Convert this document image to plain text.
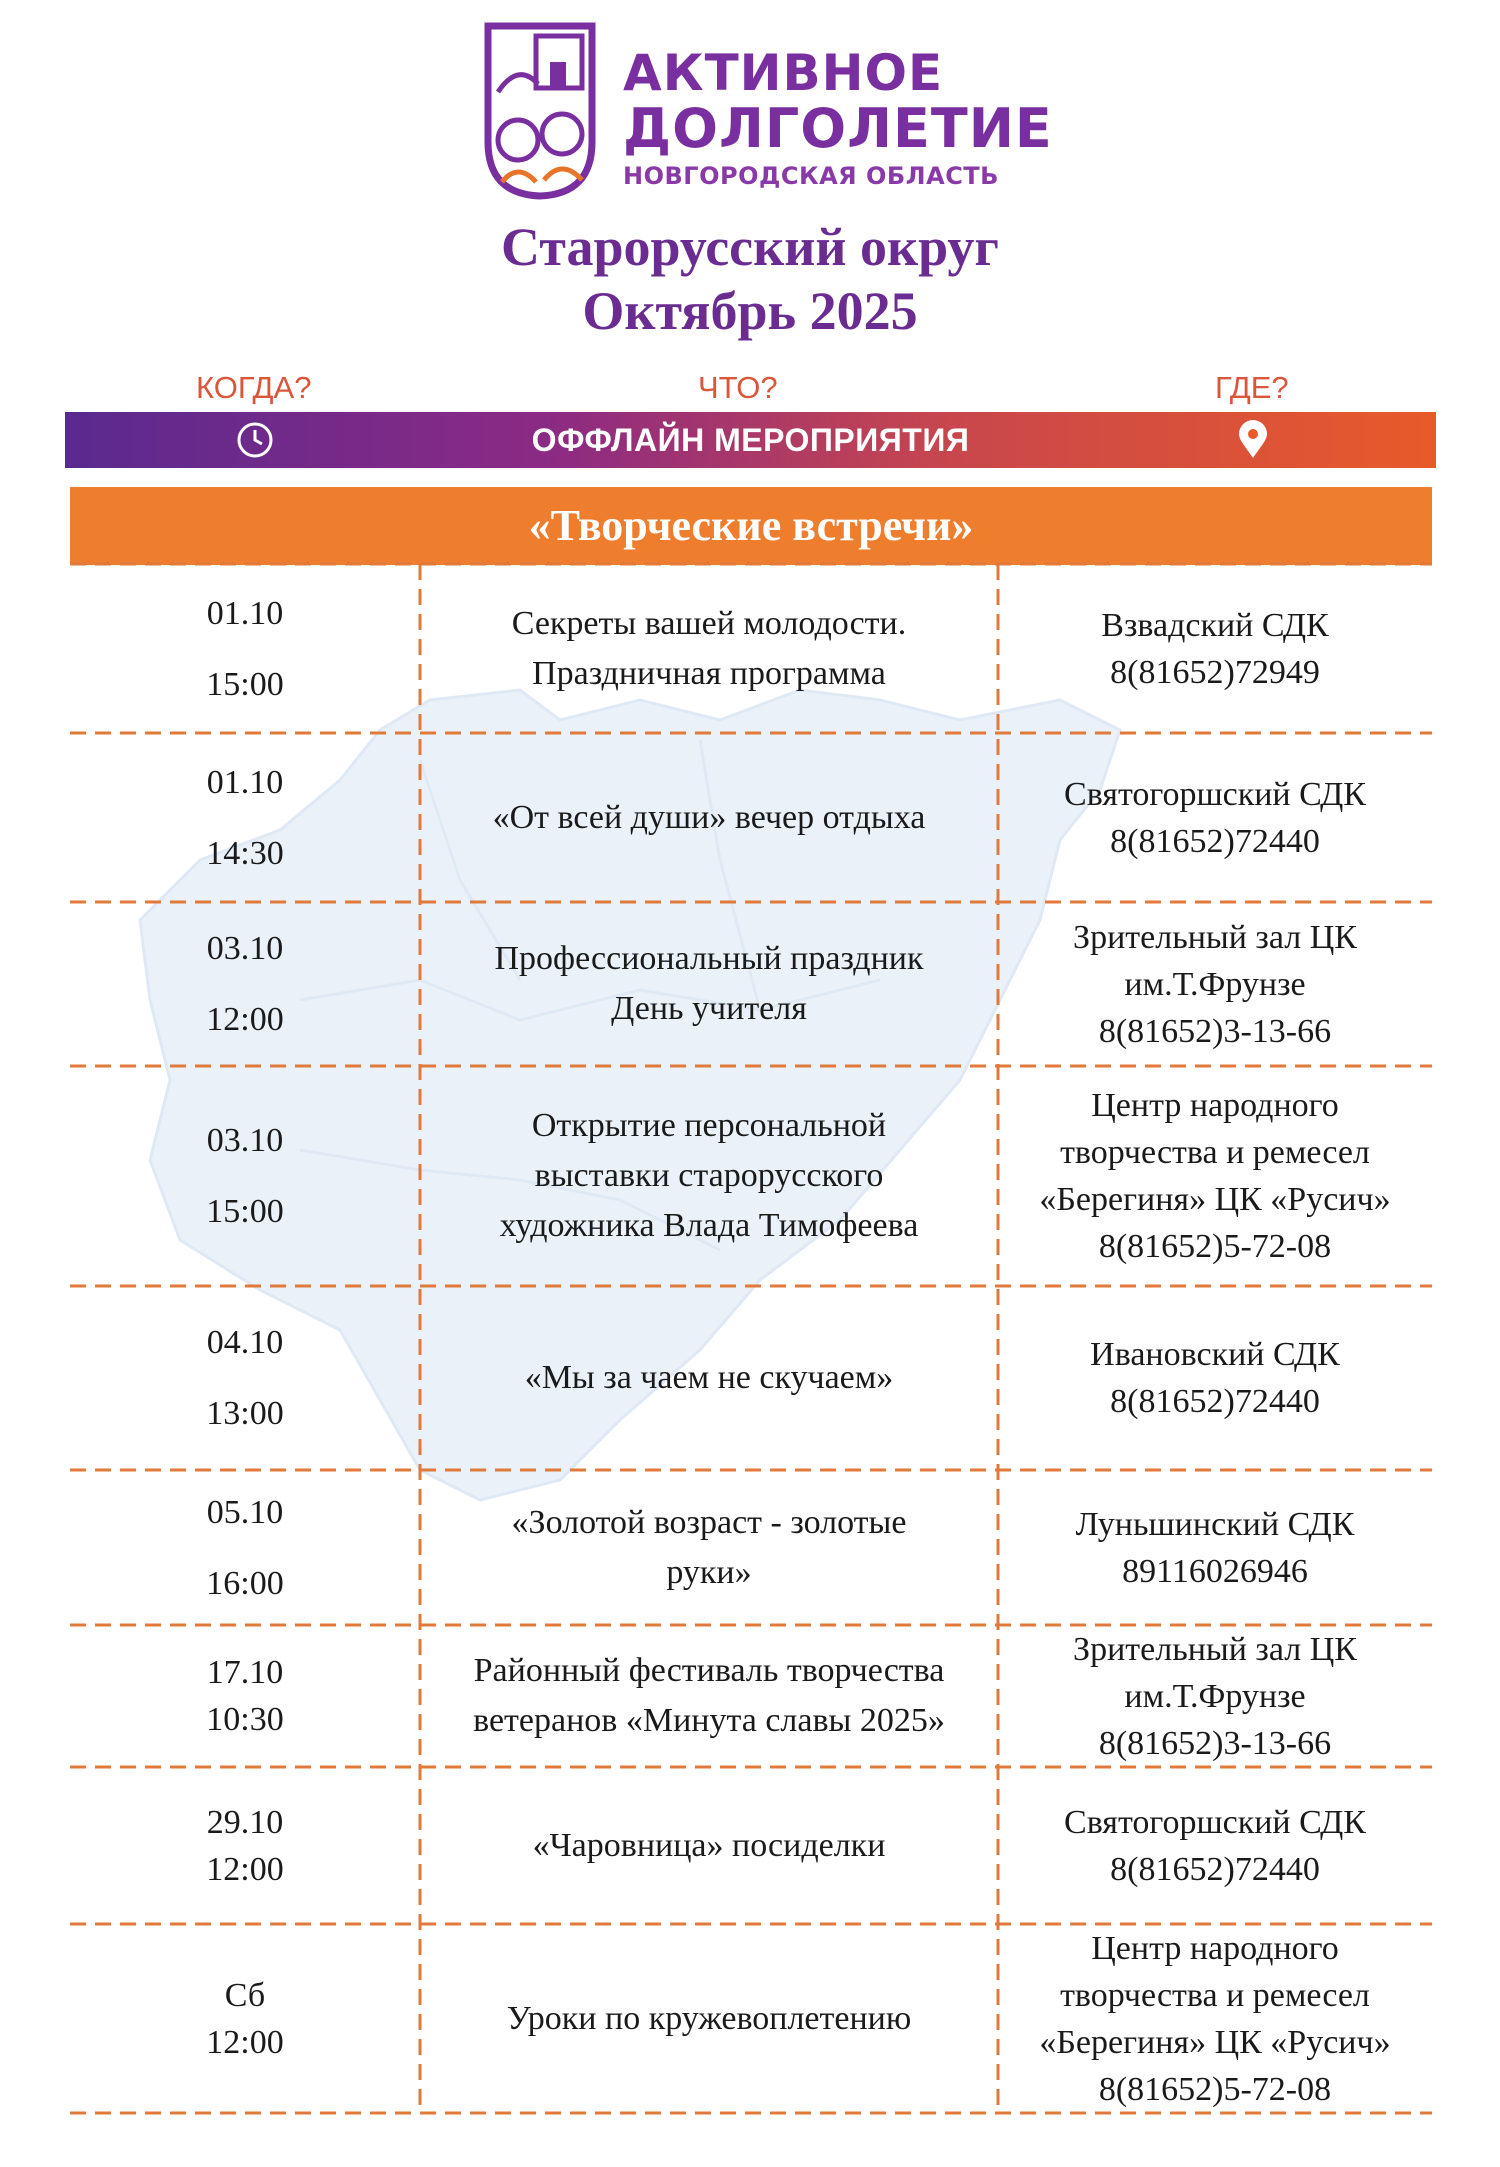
АКТИВНОЕ
ДОЛГОЛЕТИЕ
НОВГОРОДСКАЯ ОБЛАСТЬ
Старорусский округ
Октябрь 2025
КОГДА?	ЧТО?	ГДЕ?
ОФФЛАЙН МЕРОПРИЯТИЯ
«Творческие встречи»
01.10
15:00
Секреты вашей молодости.
Праздничная программа
Взвадский СДК
8(81652)72949
01.10
14:30
«От всей души» вечер отдыха
Святогоршский СДК
8(81652)72440
03.10
12:00
Профессиональный праздник
День учителя
Зрительный зал ЦК
им.Т.Фрунзе
8(81652)3-13-66
03.10
15:00
Открытие персональной
выставки старорусского
художника Влада Тимофеева
Центр народного
творчества и ремесел
«Берегиня» ЦК «Русич»
8(81652)5-72-08
04.10
13:00
«Мы за чаем не скучаем»
Ивановский СДК
8(81652)72440
05.10
16:00
«Золотой возраст - золотые
руки»
Луньшинский СДК
89116026946
17.10
10:30
Районный фестиваль творчества
ветеранов «Минута славы 2025»
Зрительный зал ЦК
им.Т.Фрунзе
8(81652)3-13-66
29.10
12:00
«Чаровница» посиделки
Святогоршский СДК
8(81652)72440
Сб
12:00
Уроки по кружевоплетению
Центр народного
творчества и ремесел
«Берегиня» ЦК «Русич»
8(81652)5-72-08
